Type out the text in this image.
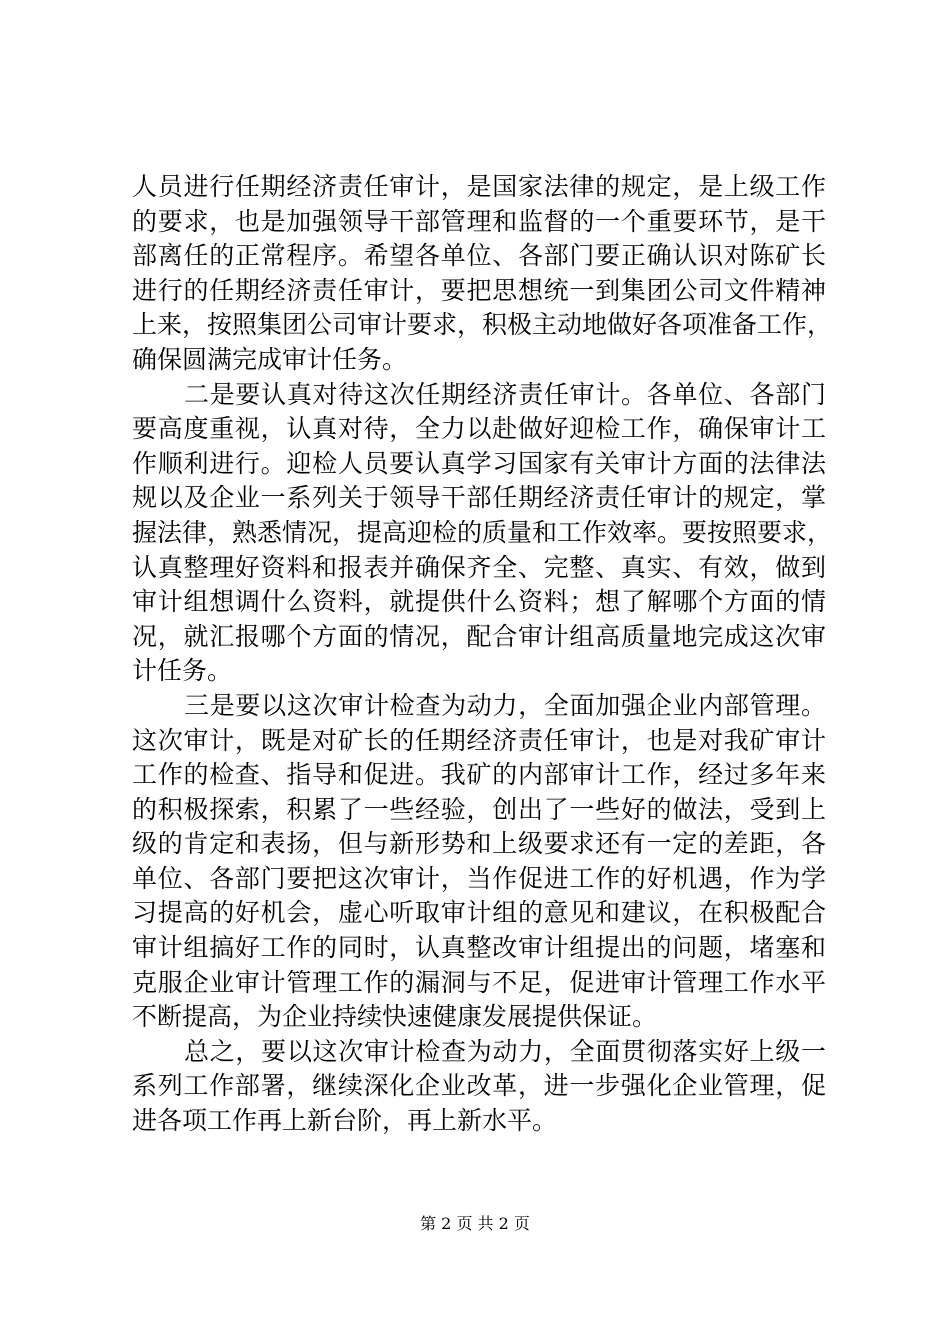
人员进行任期经济责任审计，是国家法律的规定，是上级工作
的要求，也是加强领导干部管理和监督的一个重要环节，是干
部离任的正常程序。希望各单位、各部门要正确认识对陈矿长
进行的任期经济责任审计，要把思想统一到集团公司文件精神
上来，按照集团公司审计要求，积极主动地做好各项准备工作，
确保圆满完成审计任务。
二是要认真对待这次任期经济责任审计。各单位、各部门
要高度重视，认真对待，全力以赴做好迎检工作，确保审计工
作顺利进行。迎检人员要认真学习国家有关审计方面的法律法
规以及企业一系列关于领导干部任期经济责任审计的规定，掌
握法律，熟悉情况，提高迎检的质量和工作效率。要按照要求，
认真整理好资料和报表并确保齐全、完整、真实、有效，做到
审计组想调什么资料，就提供什么资料；想了解哪个方面的情
况，就汇报哪个方面的情况，配合审计组高质量地完成这次审
计任务。
三是要以这次审计检查为动力，全面加强企业内部管理。
这次审计，既是对矿长的任期经济责任审计，也是对我矿审计
工作的检查、指导和促进。我矿的内部审计工作，经过多年来
的积极探索，积累了一些经验，创出了一些好的做法，受到上
级的肯定和表扬，但与新形势和上级要求还有一定的差距，各
单位、各部门要把这次审计，当作促进工作的好机遇，作为学
习提高的好机会，虚心听取审计组的意见和建议，在积极配合
审计组搞好工作的同时，认真整改审计组提出的问题，堵塞和
克服企业审计管理工作的漏洞与不足，促进审计管理工作水平
不断提高，为企业持续快速健康发展提供保证。
总之，要以这次审计检查为动力，全面贯彻落实好上级一
系列工作部署，继续深化企业改革，进一步强化企业管理，促
进各项工作再上新台阶，再上新水平。
第 2 页 共 2 页
